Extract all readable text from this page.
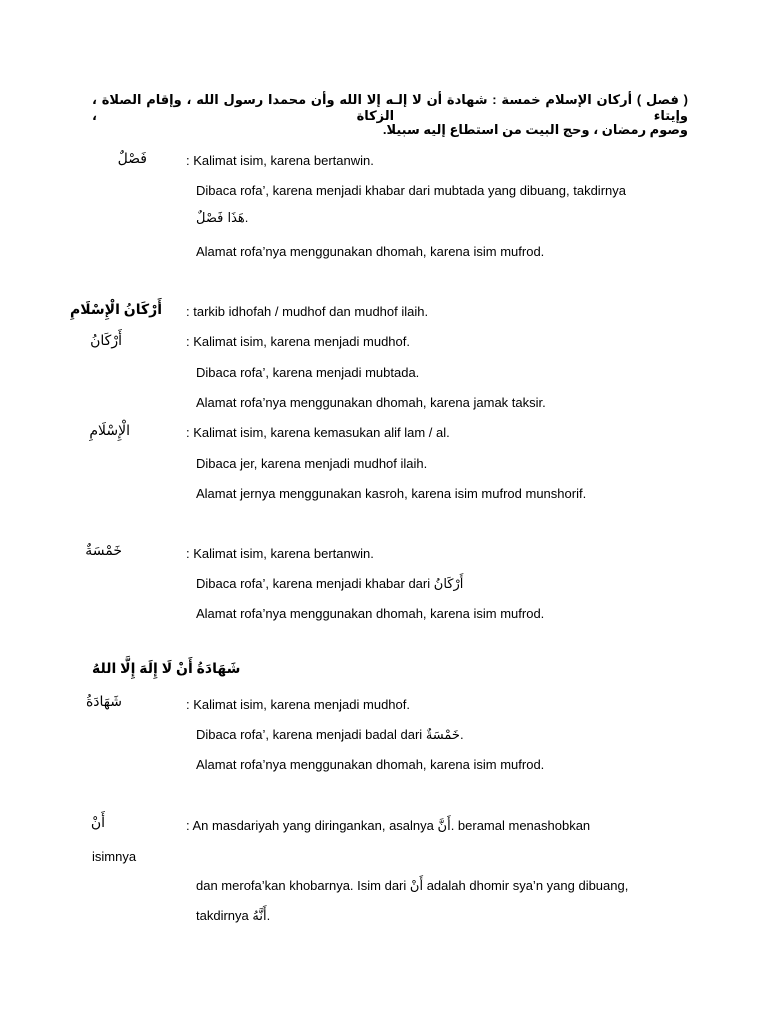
( فصل ) أركان الإسلام خمسة : شهادة أن لا إلـه إلا الله وأن محمدا رسول الله ، وإقام الصلاة ، وإيتاء الزكاة ،
وصوم رمضان ، وحج البيت من استطاع إليه سبيلا.
فَصْلٌ	: Kalimat isim, karena bertanwin.
Dibaca rofa’, karena menjadi khabar dari mubtada yang dibuang, takdirnya
هَذَا فَصْلٌ.
Alamat rofa’nya menggunakan dhomah, karena isim mufrod.
أَرْكَانُ الْإِسْلَامِ : tarkib idhofah / mudhof dan mudhof ilaih.
أَرْكَانُ	: Kalimat isim, karena menjadi mudhof.
Dibaca rofa’, karena menjadi mubtada.
Alamat rofa’nya menggunakan dhomah, karena jamak taksir.
الْإِسْلَامِ	: Kalimat isim, karena kemasukan alif lam / al.
Dibaca jer, karena menjadi mudhof ilaih.
Alamat jernya menggunakan kasroh, karena isim mufrod munshorif.
خَمْسَةٌ	: Kalimat isim, karena bertanwin.
Dibaca rofa’, karena menjadi khabar dari أَرْكَانُ
Alamat rofa’nya menggunakan dhomah, karena isim mufrod.
شَهَادَةُ أَنْ لَا إِلَهَ إِلَّا اللهُ
شَهَادَةُ	: Kalimat isim, karena menjadi mudhof.
Dibaca rofa’, karena menjadi badal dari خَمْسَةٌ.
Alamat rofa’nya menggunakan dhomah, karena isim mufrod.
أَنْ	: An masdariyah yang diringankan, asalnya أَنَّ. beramal menashobkan
isimnya
dan merofa’kan khobarnya. Isim dari أَنْ adalah dhomir sya’n yang dibuang,
takdirnya أَنَّهُ.
